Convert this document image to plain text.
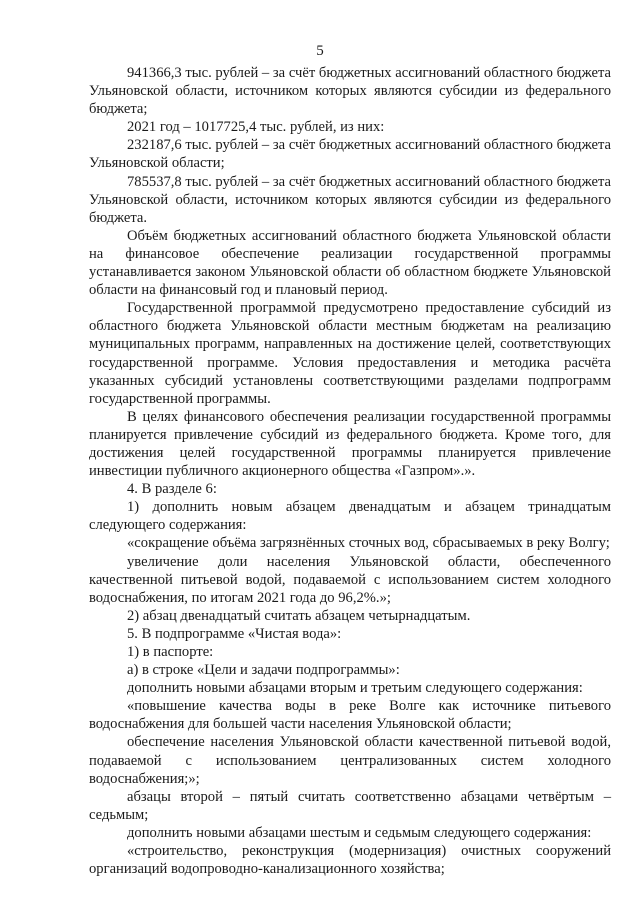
5

941366,3 тыс. рублей – за счёт бюджетных ассигнований областного бюджета Ульяновской области, источником которых являются субсидии из федерального бюджета;

2021 год – 1017725,4 тыс. рублей, из них:

232187,6 тыс. рублей – за счёт бюджетных ассигнований областного бюджета Ульяновской области;

785537,8 тыс. рублей – за счёт бюджетных ассигнований областного бюджета Ульяновской области, источником которых являются субсидии из федерального бюджета.

Объём бюджетных ассигнований областного бюджета Ульяновской области на финансовое обеспечение реализации государственной программы устанавливается законом Ульяновской области об областном бюджете Ульяновской области на финансовый год и плановый период.

Государственной программой предусмотрено предоставление субсидий из областного бюджета Ульяновской области местным бюджетам на реализацию муниципальных программ, направленных на достижение целей, соответствующих государственной программе. Условия предоставления и методика расчёта указанных субсидий установлены соответствующими разделами подпрограмм государственной программы.

В целях финансового обеспечения реализации государственной программы планируется привлечение субсидий из федерального бюджета. Кроме того, для достижения целей государственной программы планируется привлечение инвестиции публичного акционерного общества «Газпром».».

4. В разделе 6:

1) дополнить новым абзацем двенадцатым и абзацем тринадцатым следующего содержания:

«сокращение объёма загрязнённых сточных вод, сбрасываемых в реку Волгу;

увеличение доли населения Ульяновской области, обеспеченного качественной питьевой водой, подаваемой с использованием систем холодного водоснабжения, по итогам 2021 года до 96,2%.»;

2) абзац двенадцатый считать абзацем четырнадцатым.

5. В подпрограмме «Чистая вода»:

1) в паспорте:

а) в строке «Цели и задачи подпрограммы»:

дополнить новыми абзацами вторым и третьим следующего содержания:

«повышение качества воды в реке Волге как источнике питьевого водоснабжения для большей части населения Ульяновской области;

обеспечение населения Ульяновской области качественной питьевой водой, подаваемой с использованием централизованных систем холодного водоснабжения;»;

абзацы второй – пятый считать соответственно абзацами четвёртым – седьмым;

дополнить новыми абзацами шестым и седьмым следующего содержания:

«строительство, реконструкция (модернизация) очистных сооружений организаций водопроводно-канализационного хозяйства;
